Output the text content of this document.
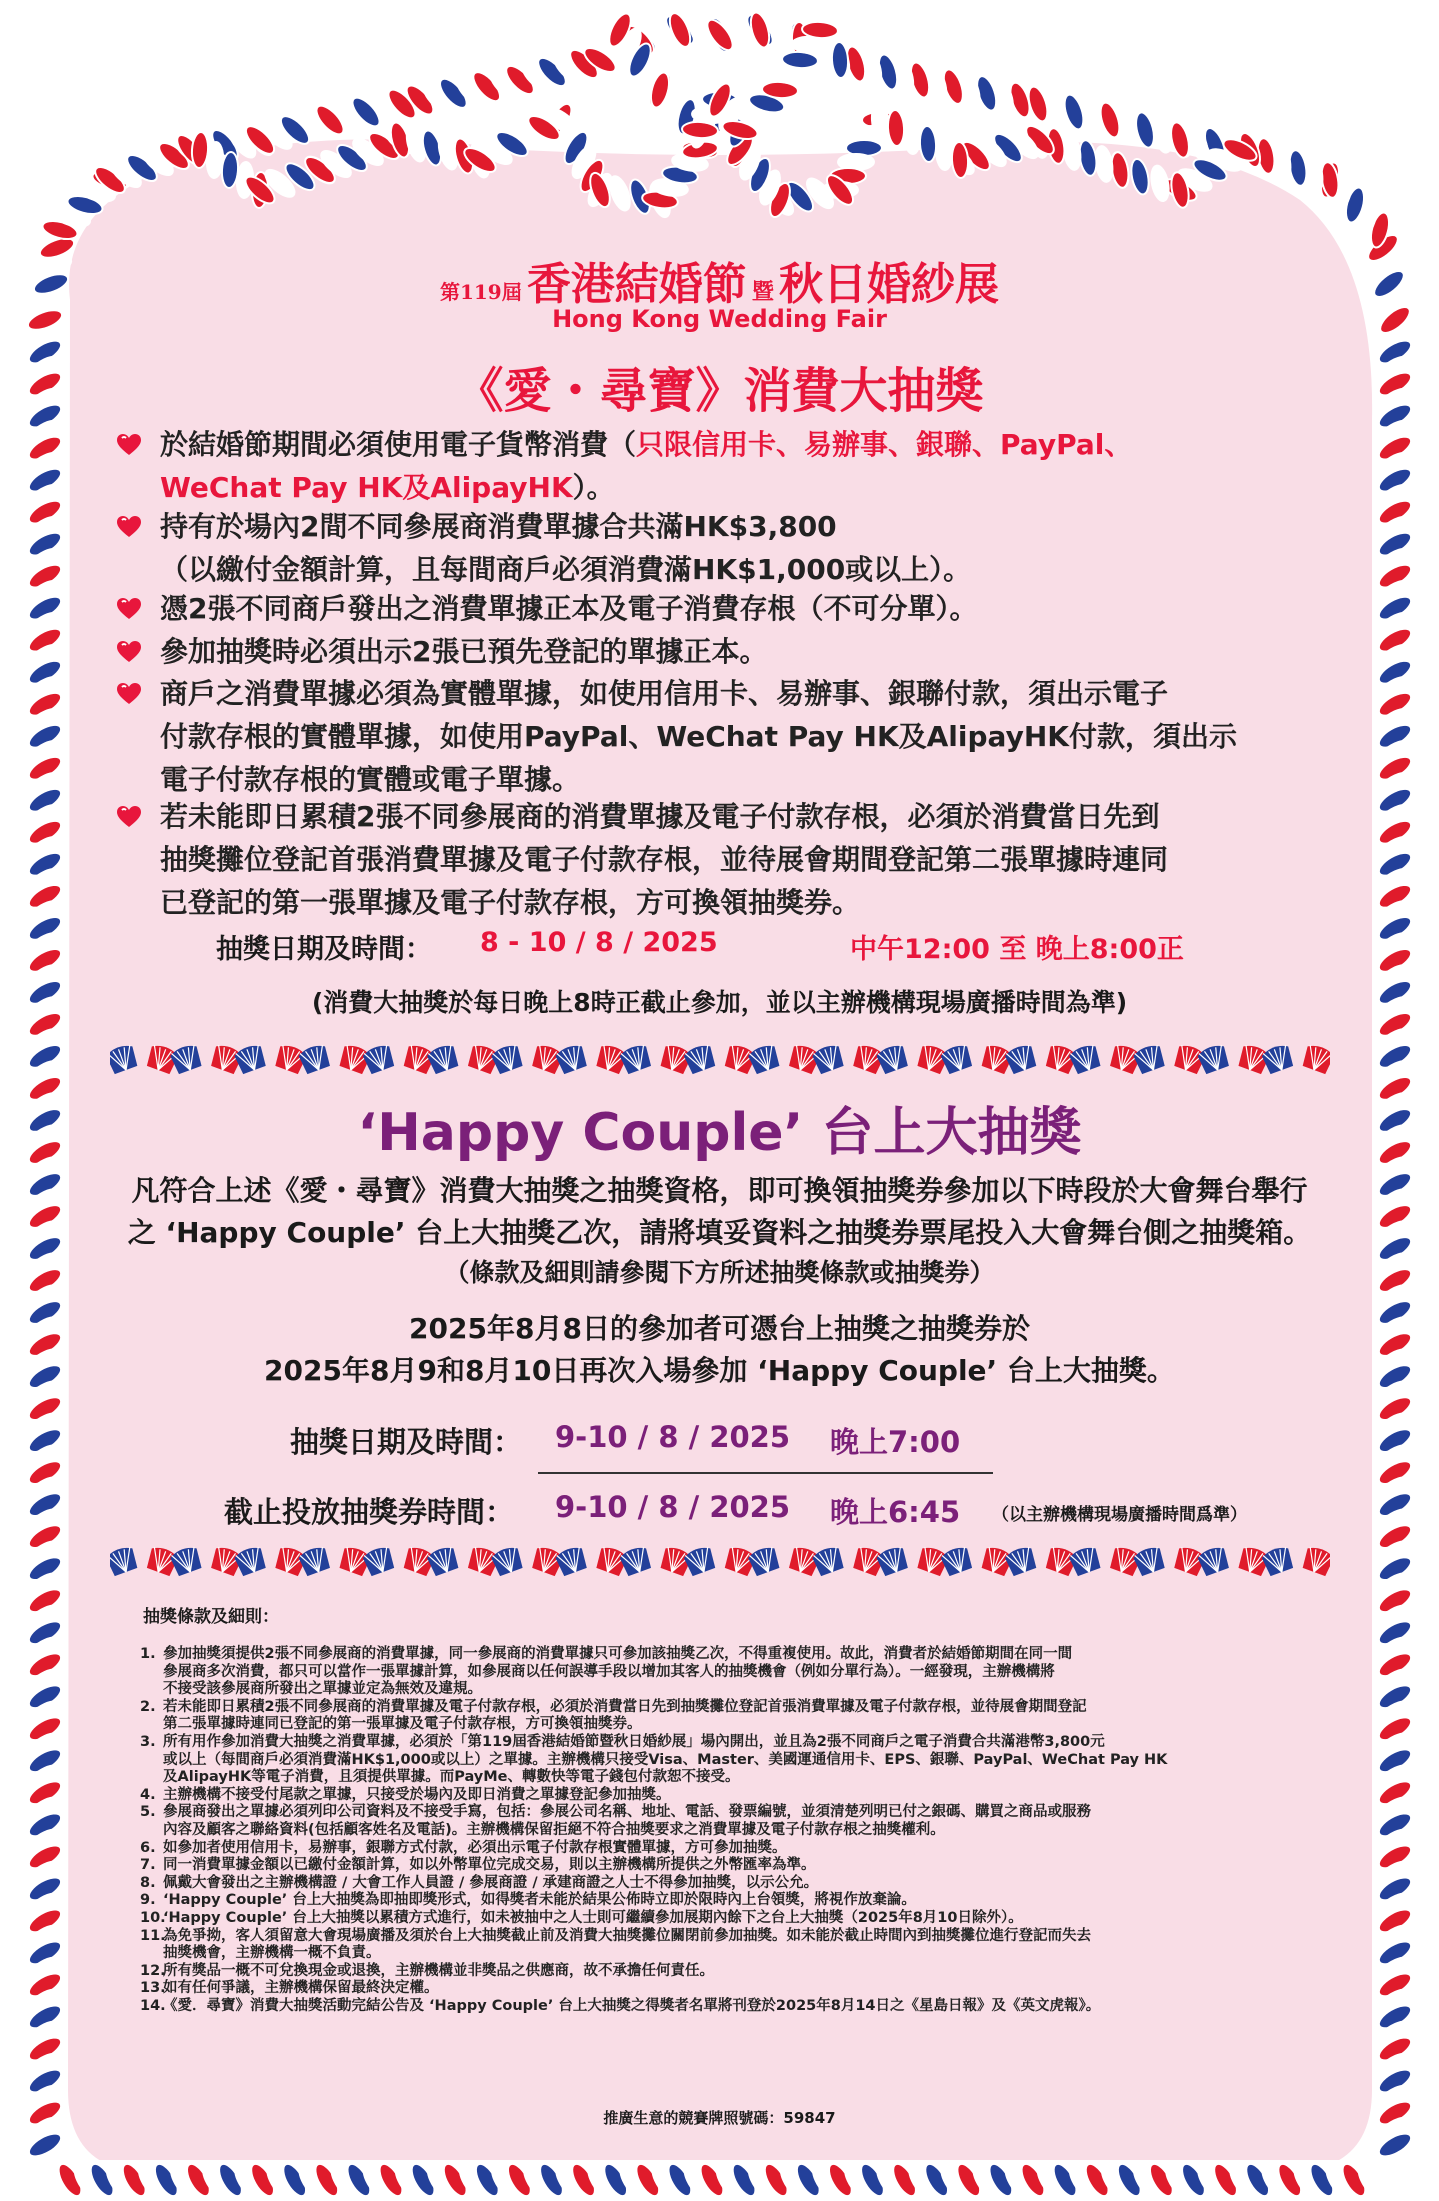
第119屆 香港結婚節 暨 秋日婚紗展
Hong Kong Wedding Fair
《愛・尋寶》消費大抽獎
於結婚節期間必須使用電子貨幣消費（只限信用卡、易辦事、銀聯、PayPal、
WeChat Pay HK及AlipayHK）。
持有於場內2間不同參展商消費單據合共滿HK$3,800
（以繳付金額計算，且每間商戶必須消費滿HK$1,000或以上）。
憑2張不同商戶發出之消費單據正本及電子消費存根（不可分單）。
參加抽獎時必須出示2張已預先登記的單據正本。
商戶之消費單據必須為實體單據，如使用信用卡、易辦事、銀聯付款，須出示電子
付款存根的實體單據，如使用PayPal、WeChat Pay HK及AlipayHK付款，須出示
電子付款存根的實體或電子單據。
若未能即日累積2張不同參展商的消費單據及電子付款存根，必須於消費當日先到
抽獎攤位登記首張消費單據及電子付款存根，並待展會期間登記第二張單據時連同
已登記的第一張單據及電子付款存根，方可換領抽獎券。
抽獎日期及時間： 8 - 10 / 8 / 2025	中午12:00 至 晚上8:00正
(消費大抽獎於每日晚上8時正截止參加，並以主辦機構現場廣播時間為準)
‘Happy Couple’ 台上大抽獎
凡符合上述《愛・尋寶》消費大抽獎之抽獎資格，即可換領抽獎券參加以下時段於大會舞台舉行
之 ‘Happy Couple’ 台上大抽獎乙次，請將填妥資料之抽獎券票尾投入大會舞台側之抽獎箱。
（條款及細則請參閱下方所述抽獎條款或抽獎券）
2025年8月8日的參加者可憑台上抽獎之抽獎券於
2025年8月9和8月10日再次入場參加 ‘Happy Couple’ 台上大抽獎。
抽獎日期及時間： 9-10 / 8 / 2025 晚上7:00
截止投放抽獎券時間： 9-10 / 8 / 2025 晚上6:45 （以主辦機構現場廣播時間爲準）
抽獎條款及細則：
1. 參加抽獎須提供2張不同參展商的消費單據，同一參展商的消費單據只可參加該抽獎乙次，不得重複使用。故此，消費者於結婚節期間在同一間
參展商多次消費，都只可以當作一張單據計算，如參展商以任何誤導手段以增加其客人的抽獎機會（例如分單行為）。一經發現，主辦機構將
不接受該參展商所發出之單據並定為無效及違規。
2. 若未能即日累積2張不同參展商的消費單據及電子付款存根，必須於消費當日先到抽獎攤位登記首張消費單據及電子付款存根，並待展會期間登記
第二張單據時連同已登記的第一張單據及電子付款存根，方可換領抽獎券。
3. 所有用作參加消費大抽獎之消費單據，必須於「第119屆香港結婚節暨秋日婚紗展」場內開出，並且為2張不同商戶之電子消費合共滿港幣3,800元
或以上（每間商戶必須消費滿HK$1,000或以上）之單據。主辦機構只接受Visa、Master、美國運通信用卡、EPS、銀聯、PayPal、WeChat Pay HK
及AlipayHK等電子消費，且須提供單據。而PayMe、轉數快等電子錢包付款恕不接受。
4. 主辦機構不接受付尾款之單據，只接受於場內及即日消費之單據登記參加抽獎。
5. 參展商發出之單據必須列印公司資料及不接受手寫，包括：參展公司名稱、地址、電話、發票編號，並須清楚列明已付之銀碼、購買之商品或服務
內容及顧客之聯絡資料(包括顧客姓名及電話)。主辦機構保留拒絕不符合抽獎要求之消費單據及電子付款存根之抽獎權利。
6. 如參加者使用信用卡，易辦事，銀聯方式付款，必須出示電子付款存根實體單據，方可參加抽獎。
7. 同一消費單據金額以已繳付金額計算，如以外幣單位完成交易，則以主辦機構所提供之外幣匯率為準。
8. 佩戴大會發出之主辦機構證 / 大會工作人員證 / 參展商證 / 承建商證之人士不得參加抽獎，以示公允。
9. ‘Happy Couple’ 台上大抽獎為即抽即獎形式，如得獎者未能於結果公佈時立即於限時內上台領獎，將視作放棄論。
10.
‘Happy Couple’ 台上大抽獎以累積方式進行，如未被抽中之人士則可繼續參加展期內餘下之台上大抽獎（2025年8月10日除外）。
11.
為免爭拗，客人須留意大會現場廣播及須於台上大抽獎截止前及消費大抽獎攤位關閉前參加抽獎。如未能於截止時間內到抽獎攤位進行登記而失去
抽獎機會，主辦機構一概不負責。
12.
所有獎品一概不可兌換現金或退換，主辦機構並非獎品之供應商，故不承擔任何責任。
13.
如有任何爭議，主辦機構保留最終決定權。
14.
《愛．尋寶》消費大抽獎活動完結公告及 ‘Happy Couple’ 台上大抽獎之得獎者名單將刊登於2025年8月14日之《星島日報》及《英文虎報》。
推廣生意的競賽牌照號碼：59847
